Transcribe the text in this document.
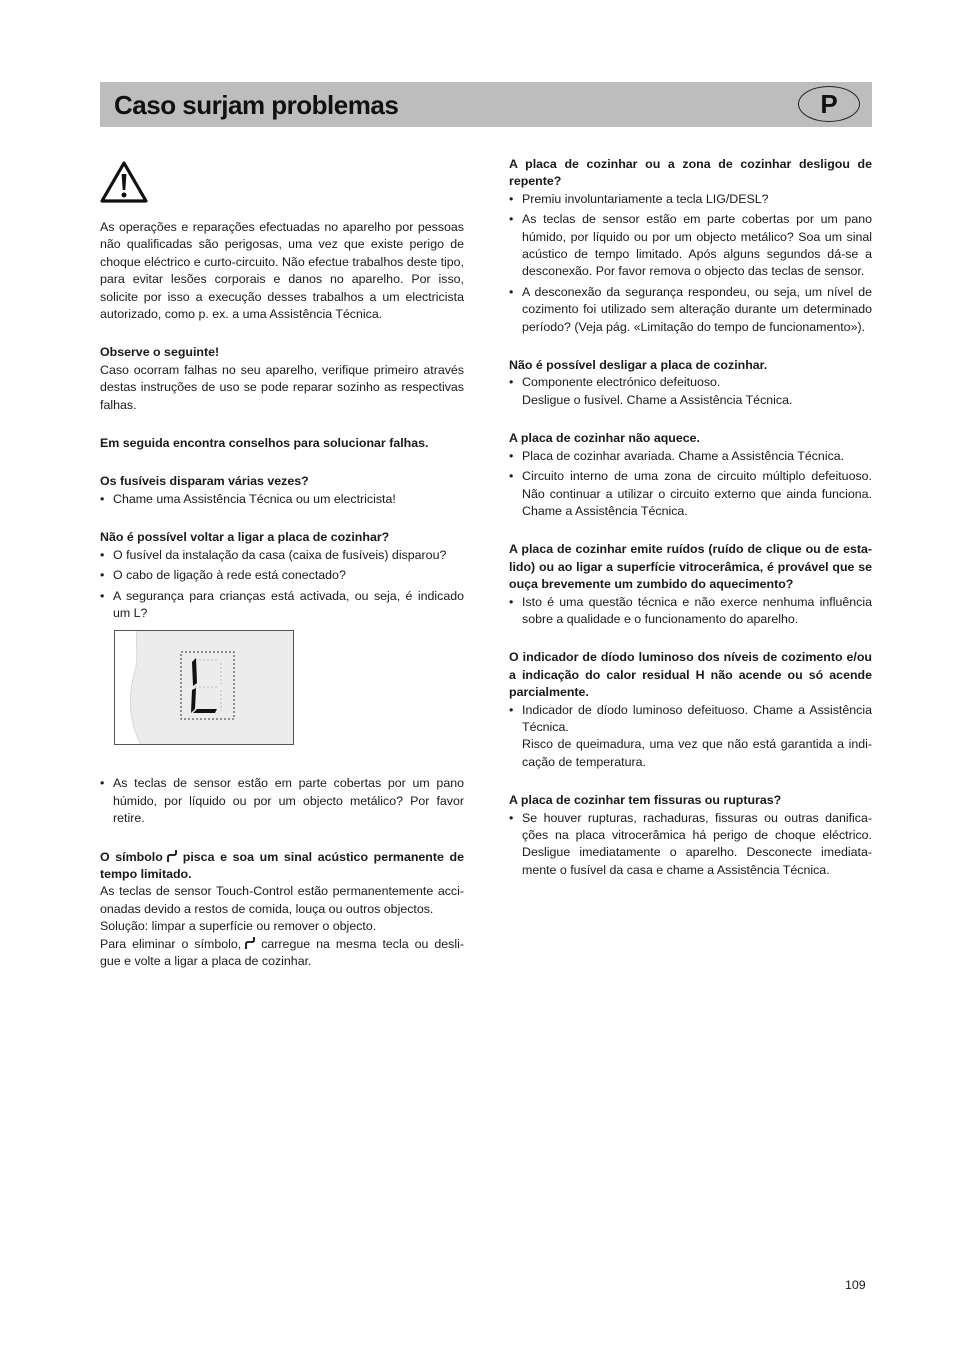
Caso surjam problemas	P

As operações e reparações efectuadas no aparelho por pessoas não qualificadas são perigosas, uma vez que existe perigo de choque eléctrico e curto-circuito. Não efectue trabalhos deste tipo, para evitar lesões corporais e danos no aparelho. Por isso, solicite por isso a execução desses trabalhos a um electricista autorizado, como p. ex. a uma Assistência Técnica.

Observe o seguinte!

Caso ocorram falhas no seu aparelho, verifique primeiro através destas instruções de uso se pode reparar sozinho as respectivas falhas.

Em seguida encontra conselhos para solucionar falhas.

Os fusíveis disparam várias vezes?

• Chame uma Assistência Técnica ou um electricista!

Não é possível voltar a ligar a placa de cozinhar?

• O fusível da instalação da casa (caixa de fusíveis) disparou?
• O cabo de ligação à rede está conectado?
• A segurança para crianças está activada, ou seja, é indicado um L?
• As teclas de sensor estão em parte cobertas por um pano húmido, por líquido ou por um objecto metálico? Por favor retire.

O símbolo pisca e soa um sinal acústico permanente de tempo limitado.

As teclas de sensor Touch-Control estão permanentemente acci-onadas devido a restos de comida, louça ou outros objectos.

Solução: limpar a superfície ou remover o objecto.

Para eliminar o símbolo, carregue na mesma tecla ou desli-gue e volte a ligar a placa de cozinhar.

A placa de cozinhar ou a zona de cozinhar desligou de repente?

• Premiu involuntariamente a tecla LIG/DESL?
• As teclas de sensor estão em parte cobertas por um pano húmido, por líquido ou por um objecto metálico? Soa um sinal acústico de tempo limitado. Após alguns segundos dá-se a desconexão. Por favor remova o objecto das teclas de sensor.
• A desconexão da segurança respondeu, ou seja, um nível de cozimento foi utilizado sem alteração durante um determinado período? (Veja pág. «Limitação do tempo de funcionamento»).

Não é possível desligar a placa de cozinhar.

• Componente electrónico defeituoso.
Desligue o fusível. Chame a Assistência Técnica.

A placa de cozinhar não aquece.

• Placa de cozinhar avariada. Chame a Assistência Técnica.
• Circuito interno de uma zona de circuito múltiplo defeituoso. Não continuar a utilizar o circuito externo que ainda funciona. Chame a Assistência Técnica.

A placa de cozinhar emite ruídos (ruído de clique ou de esta-lido) ou ao ligar a superfície vitrocerâmica, é provável que se ouça brevemente um zumbido do aquecimento?

• Isto é uma questão técnica e não exerce nenhuma influência sobre a qualidade e o funcionamento do aparelho.

O indicador de díodo luminoso dos níveis de cozimento e/ou a indicação do calor residual H não acende ou só acende parcialmente.

• Indicador de díodo luminoso defeituoso. Chame a Assistência Técnica.
Risco de queimadura, uma vez que não está garantida a indi-cação de temperatura.

A placa de cozinhar tem fissuras ou rupturas?

• Se houver rupturas, rachaduras, fissuras ou outras danifica-ções na placa vitrocerâmica há perigo de choque eléctrico. Desligue imediatamente o aparelho. Desconecte imediata-mente o fusível da casa e chame a Assistência Técnica.
109
